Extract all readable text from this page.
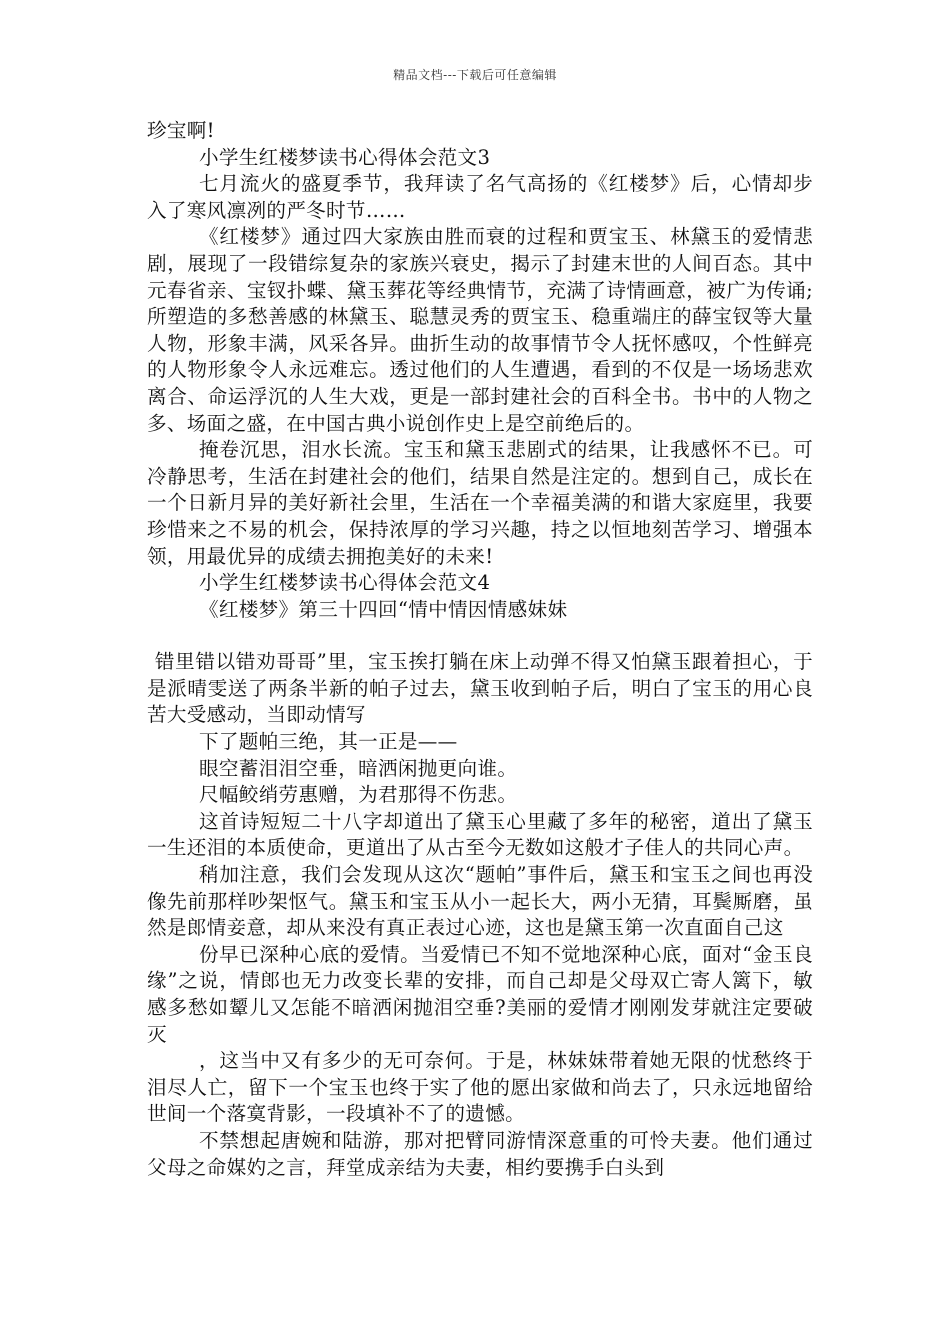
精品文档---下载后可任意编辑

珍宝啊!

小学生红楼梦读书心得体会范文3

七月流火的盛夏季节，我拜读了名气高扬的《红楼梦》后，心情却步入了寒风凛冽的严冬时节……

《红楼梦》通过四大家族由胜而衰的过程和贾宝玉、林黛玉的爱情悲剧，展现了一段错综复杂的家族兴衰史，揭示了封建末世的人间百态。其中元春省亲、宝钗扑蝶、黛玉葬花等经典情节，充满了诗情画意，被广为传诵;所塑造的多愁善感的林黛玉、聪慧灵秀的贾宝玉、稳重端庄的薛宝钗等大量人物，形象丰满，风采各异。曲折生动的故事情节令人抚怀感叹，个性鲜亮的人物形象令人永远难忘。透过他们的人生遭遇，看到的不仅是一场场悲欢离合、命运浮沉的人生大戏，更是一部封建社会的百科全书。书中的人物之多、场面之盛，在中国古典小说创作史上是空前绝后的。

掩卷沉思，泪水长流。宝玉和黛玉悲剧式的结果，让我感怀不已。可冷静思考，生活在封建社会的他们，结果自然是注定的。想到自己，成长在一个日新月异的美好新社会里，生活在一个幸福美满的和谐大家庭里，我要珍惜来之不易的机会，保持浓厚的学习兴趣，持之以恒地刻苦学习、增强本领，用最优异的成绩去拥抱美好的未来!

小学生红楼梦读书心得体会范文4

《红楼梦》第三十四回“情中情因情感妹妹

错里错以错劝哥哥”里，宝玉挨打躺在床上动弹不得又怕黛玉跟着担心，于是派晴雯送了两条半新的帕子过去，黛玉收到帕子后，明白了宝玉的用心良苦大受感动，当即动情写

下了题帕三绝，其一正是——

眼空蓄泪泪空垂，暗洒闲抛更向谁。

尺幅鲛绡劳惠赠，为君那得不伤悲。

这首诗短短二十八字却道出了黛玉心里藏了多年的秘密，道出了黛玉一生还泪的本质使命，更道出了从古至今无数如这般才子佳人的共同心声。

稍加注意，我们会发现从这次“题帕”事件后，黛玉和宝玉之间也再没像先前那样吵架怄气。黛玉和宝玉从小一起长大，两小无猜，耳鬓厮磨，虽然是郎情妾意，却从来没有真正表过心迹，这也是黛玉第一次直面自己这

份早已深种心底的爱情。当爱情已不知不觉地深种心底，面对“金玉良缘”之说，情郎也无力改变长辈的安排，而自己却是父母双亡寄人篱下，敏感多愁如颦儿又怎能不暗洒闲抛泪空垂?美丽的爱情才刚刚发芽就注定要破灭

，这当中又有多少的无可奈何。于是，林妹妹带着她无限的忧愁终于泪尽人亡，留下一个宝玉也终于实了他的愿出家做和尚去了，只永远地留给世间一个落寞背影，一段填补不了的遗憾。

不禁想起唐婉和陆游，那对把臂同游情深意重的可怜夫妻。他们通过父母之命媒妁之言，拜堂成亲结为夫妻，相约要携手白头到
